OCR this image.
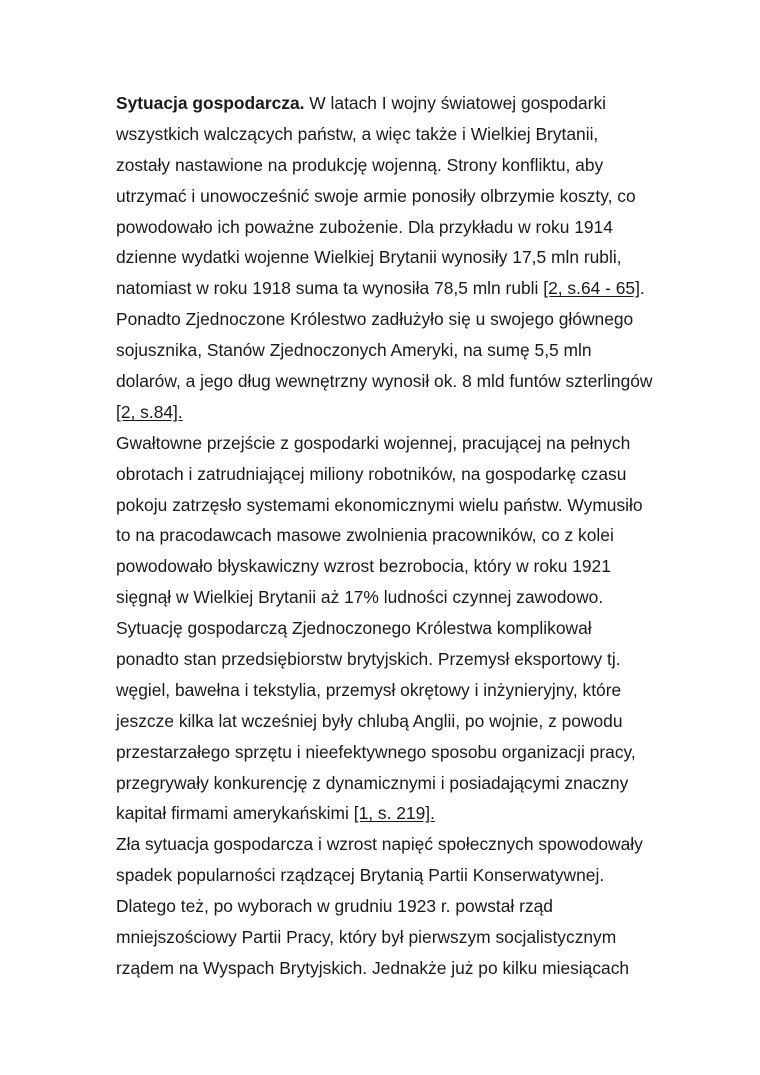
Sytuacja gospodarcza. W latach I wojny światowej gospodarki
wszystkich walczących państw, a więc także i Wielkiej Brytanii,
zostały nastawione na produkcję wojenną. Strony konfliktu, aby
utrzymać i unowocześnić swoje armie ponosiły olbrzymie koszty, co
powodowało ich poważne zubożenie. Dla przykładu w roku 1914
dzienne wydatki wojenne Wielkiej Brytanii wynosiły 17,5 mln rubli,
natomiast w roku 1918 suma ta wynosiła 78,5 mln rubli [2, s.64 - 65].
Ponadto Zjednoczone Królestwo zadłużyło się u swojego głównego
sojusznika, Stanów Zjednoczonych Ameryki, na sumę 5,5 mln
dolarów, a jego dług wewnętrzny wynosił ok. 8 mld funtów szterlingów
[2, s.84].
Gwałtowne przejście z gospodarki wojennej, pracującej na pełnych
obrotach i zatrudniającej miliony robotników, na gospodarkę czasu
pokoju zatrzęsło systemami ekonomicznymi wielu państw. Wymusiło
to na pracodawcach masowe zwolnienia pracowników, co z kolei
powodowało błyskawiczny wzrost bezrobocia, który w roku 1921
sięgnął w Wielkiej Brytanii aż 17% ludności czynnej zawodowo.
Sytuację gospodarczą Zjednoczonego Królestwa komplikował
ponadto stan przedsiębiorstw brytyjskich. Przemysł eksportowy tj.
węgiel, bawełna i tekstylia, przemysł okrętowy i inżynieryjny, które
jeszcze kilka lat wcześniej były chlubą Anglii, po wojnie, z powodu
przestarzałego sprzętu i nieefektywnego sposobu organizacji pracy,
przegrywały konkurencję z dynamicznymi i posiadającymi znaczny
kapitał firmami amerykańskimi [1, s. 219].
Zła sytuacja gospodarcza i wzrost napięć społecznych spowodowały
spadek popularności rządzącej Brytanią Partii Konserwatywnej.
Dlatego też, po wyborach w grudniu 1923 r. powstał rząd
mniejszościowy Partii Pracy, który był pierwszym socjalistycznym
rządem na Wyspach Brytyjskich. Jednakże już po kilku miesiącach
